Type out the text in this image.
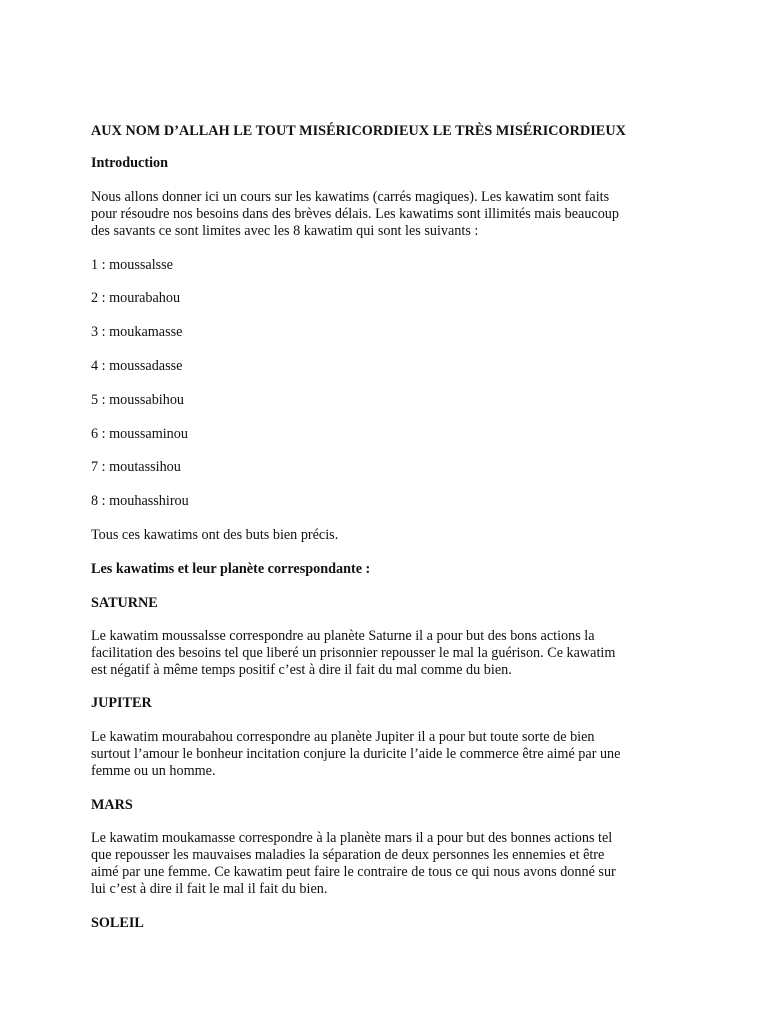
AUX NOM D’ALLAH LE TOUT MISÉRICORDIEUX LE TRÈS MISÉRICORDIEUX

Introduction

Nous allons donner ici un cours sur les kawatims (carrés magiques). Les kawatim sont faits
pour résoudre nos besoins dans des brèves délais. Les kawatims sont illimités mais beaucoup
des savants ce sont limites avec les 8 kawatim qui sont les suivants :

1 : moussalsse

2 : mourabahou

3 : moukamasse

4 : moussadasse

5 : moussabihou

6 : moussaminou

7 : moutassihou

8 : mouhasshirou

Tous ces kawatims ont des buts bien précis.

Les kawatims et leur planète correspondante :

SATURNE

Le kawatim moussalsse correspondre au planète Saturne il a pour but des bons actions la
facilitation des besoins tel que liberé un prisonnier repousser le mal la guérison. Ce kawatim
est négatif à même temps positif c’est à dire il fait du mal comme du bien.

JUPITER

Le kawatim mourabahou correspondre au planète Jupiter il a pour but toute sorte de bien
surtout l’amour le bonheur incitation conjure la duricite l’aide le commerce être aimé par une
femme ou un homme.

MARS

Le kawatim moukamasse correspondre à la planète mars il a pour but des bonnes actions tel
que repousser les mauvaises maladies la séparation de deux personnes les ennemies et être
aimé par une femme. Ce kawatim peut faire le contraire de tous ce qui nous avons donné sur
lui c’est à dire il fait le mal il fait du bien.

SOLEIL
